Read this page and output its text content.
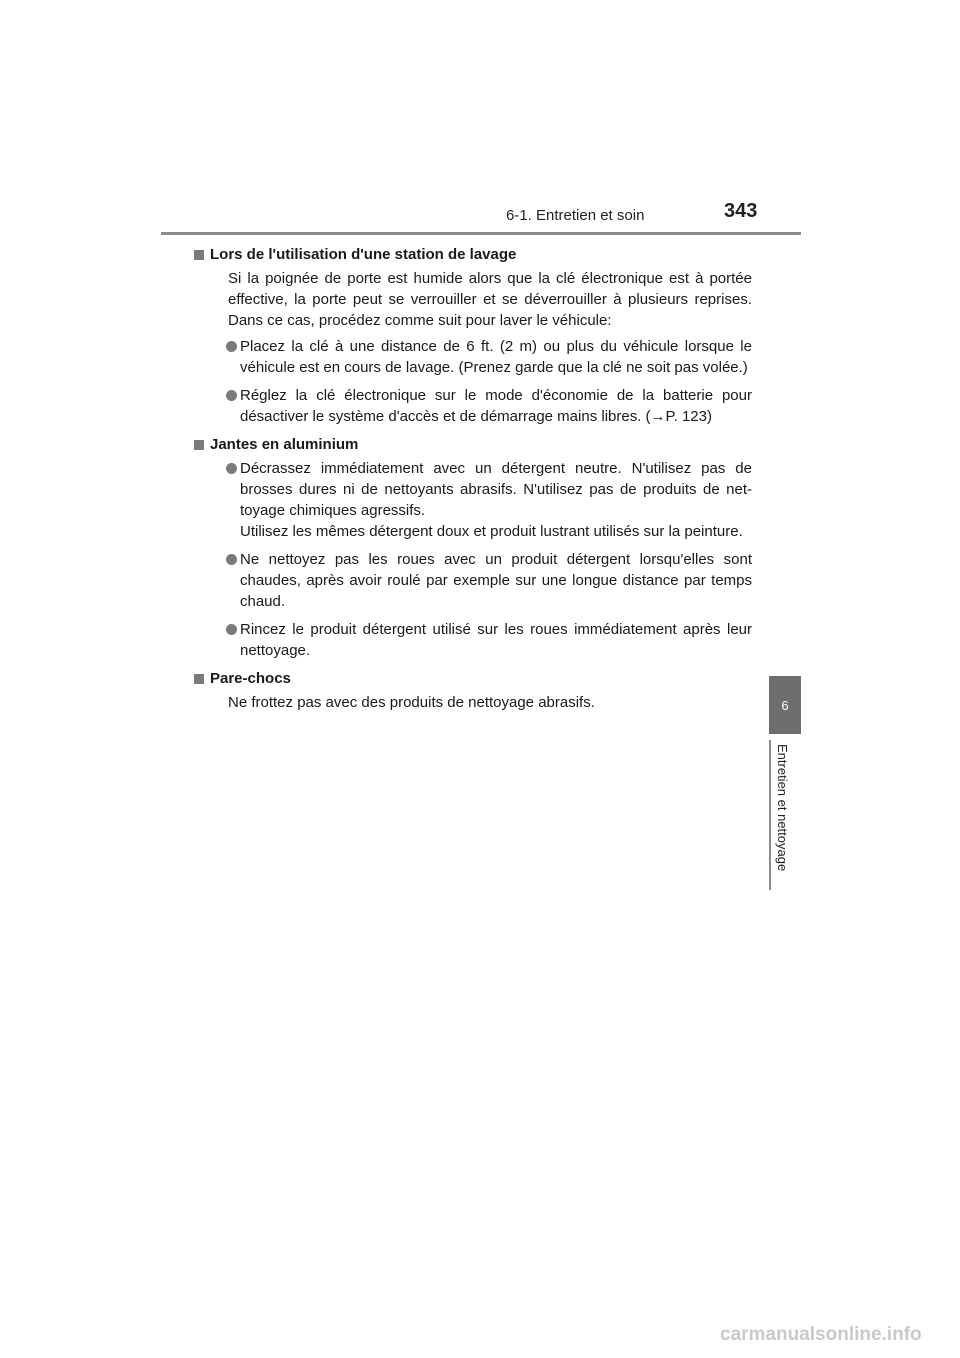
6-1. Entretien et soin	343
6
Entretien et nettoyage
Lors de l'utilisation d'une station de lavage

Si la poignée de porte est humide alors que la clé électronique est à portée effective, la porte peut se verrouiller et se déverrouiller à plusieurs reprises. Dans ce cas, procédez comme suit pour laver le véhicule:

Placez la clé à une distance de 6 ft. (2 m) ou plus du véhicule lorsque le véhicule est en cours de lavage. (Prenez garde que la clé ne soit pas volée.)
Réglez la clé électronique sur le mode d'économie de la batterie pour désactiver le système d'accès et de démarrage mains libres. (→P. 123)
Jantes en aluminium
Décrassez immédiatement avec un détergent neutre. N'utilisez pas de brosses dures ni de nettoyants abrasifs. N'utilisez pas de produits de net-toyage chimiques agressifs.
Utilisez les mêmes détergent doux et produit lustrant utilisés sur la peinture.
Ne nettoyez pas les roues avec un produit détergent lorsqu'elles sont chaudes, après avoir roulé par exemple sur une longue distance par temps chaud.
Rincez le produit détergent utilisé sur les roues immédiatement après leur nettoyage.
Pare-chocs

Ne frottez pas avec des produits de nettoyage abrasifs.

carmanualsonline.info
